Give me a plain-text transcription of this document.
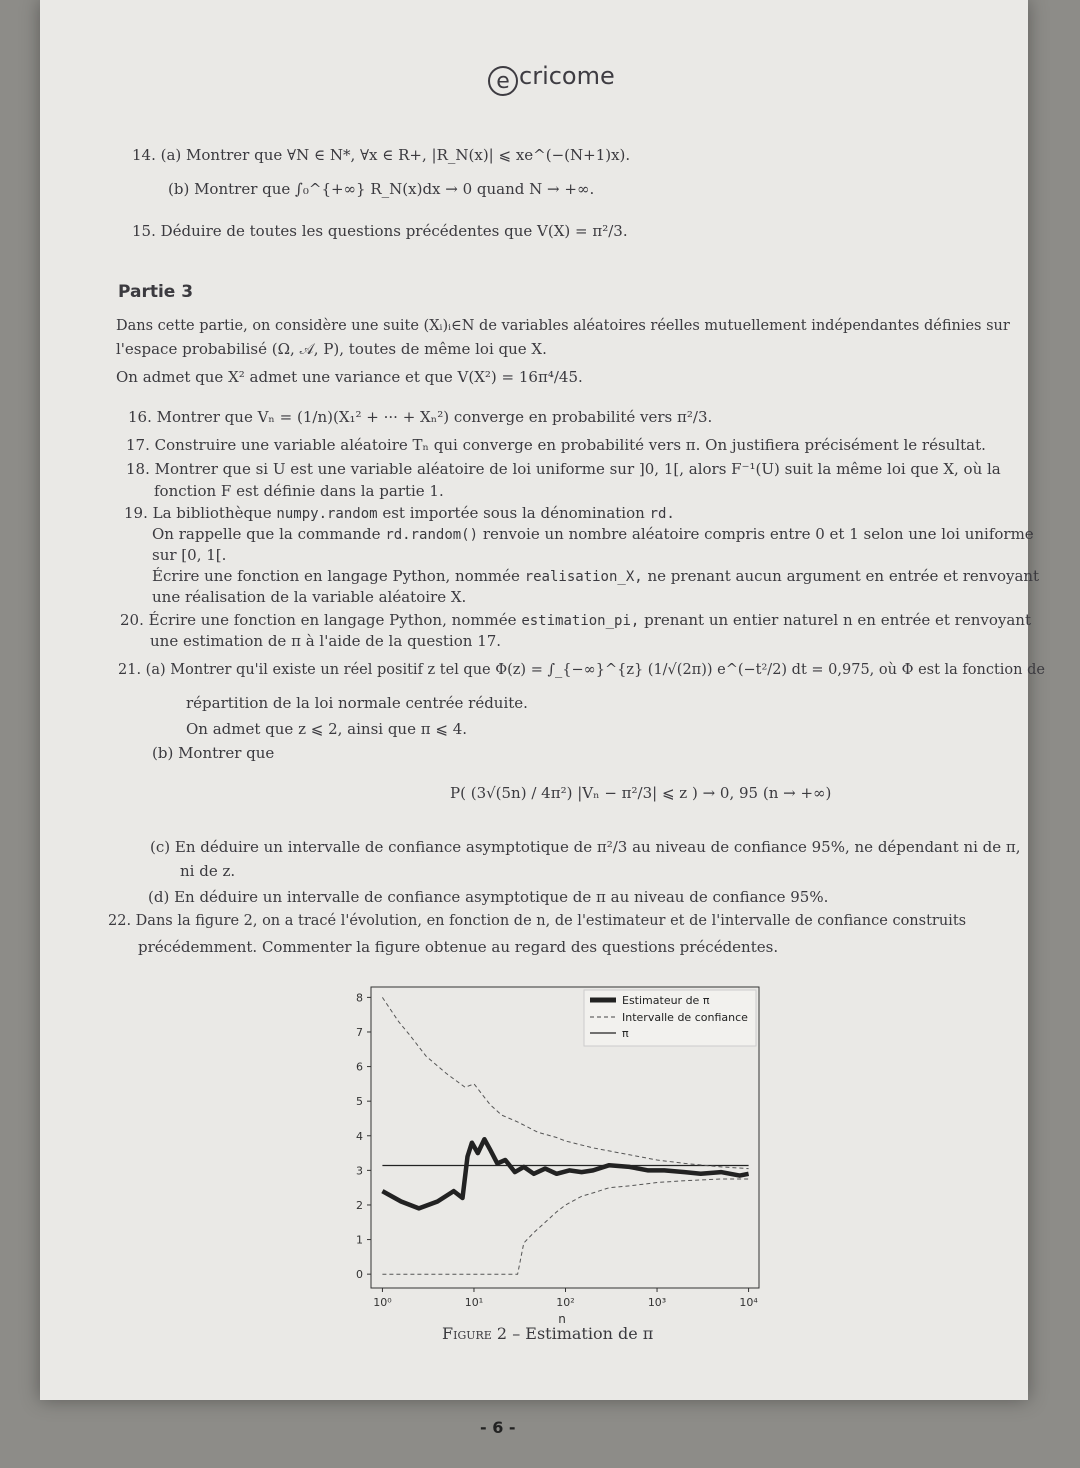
e cricome
14. (a) Montrer que ∀N ∈ N*, ∀x ∈ R+, |R_N(x)| ⩽ xe^(−(N+1)x).
(b) Montrer que ∫₀^{+∞} R_N(x)dx → 0 quand N → +∞.
15. Déduire de toutes les questions précédentes que V(X) = π²/3.
Partie 3
Dans cette partie, on considère une suite (Xᵢ)ᵢ∈N de variables aléatoires réelles mutuellement indépendantes définies sur
l'espace probabilisé (Ω, 𝒜, P), toutes de même loi que X.
On admet que X² admet une variance et que V(X²) = 16π⁴/45.
16. Montrer que Vₙ = (1/n)(X₁² + ··· + Xₙ²) converge en probabilité vers π²/3.
17. Construire une variable aléatoire Tₙ qui converge en probabilité vers π. On justifiera précisément le résultat.
18. Montrer que si U est une variable aléatoire de loi uniforme sur ]0, 1[, alors F⁻¹(U) suit la même loi que X, où la
fonction F est définie dans la partie 1.
19. La bibliothèque numpy.random est importée sous la dénomination rd.
On rappelle que la commande rd.random() renvoie un nombre aléatoire compris entre 0 et 1 selon une loi uniforme
sur [0, 1[.
Écrire une fonction en langage Python, nommée realisation_X, ne prenant aucun argument en entrée et renvoyant
une réalisation de la variable aléatoire X.
20. Écrire une fonction en langage Python, nommée estimation_pi, prenant un entier naturel n en entrée et renvoyant
une estimation de π à l'aide de la question 17.
21. (a) Montrer qu'il existe un réel positif z tel que Φ(z) = ∫_{−∞}^{z} (1/√(2π)) e^(−t²/2) dt = 0,975, où Φ est la fonction de
répartition de la loi normale centrée réduite.
On admet que z ⩽ 2, ainsi que π ⩽ 4.
(b) Montrer que
P( (3√(5n) / 4π²) |Vₙ − π²/3| ⩽ z ) → 0, 95 (n → +∞)
(c) En déduire un intervalle de confiance asymptotique de π²/3 au niveau de confiance 95%, ne dépendant ni de π,
ni de z.
(d) En déduire un intervalle de confiance asymptotique de π au niveau de confiance 95%.
22. Dans la figure 2, on a tracé l'évolution, en fonction de n, de l'estimateur et de l'intervalle de confiance construits
précédemment. Commenter la figure obtenue au regard des questions précédentes.
0
1
2
3
4
5
6
7
8
10⁰	10¹	10²	10³	10⁴
Estimateur de π
Intervalle de confiance
π
n
Figure 2 – Estimation de π
- 6 -
